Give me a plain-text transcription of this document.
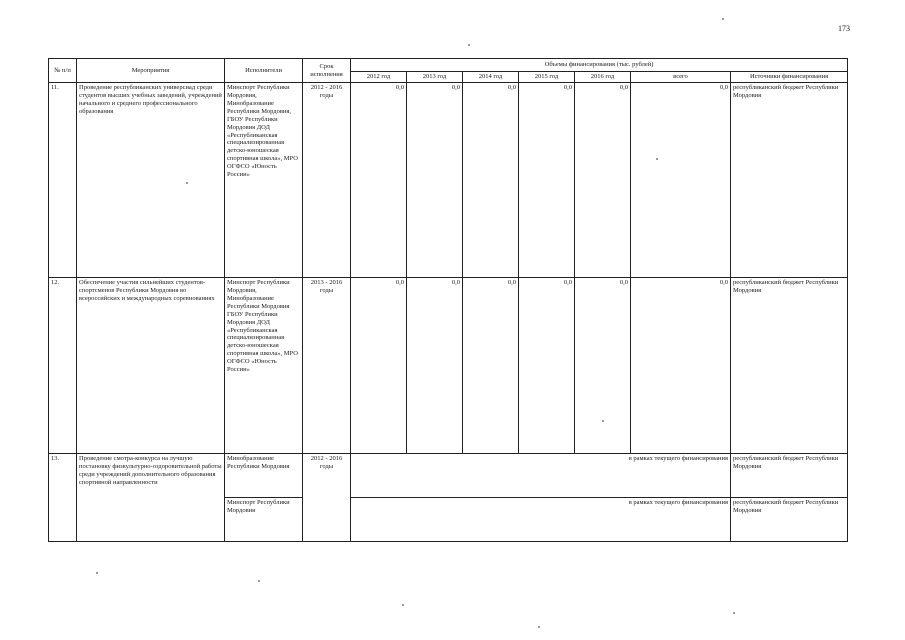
173
№ п/п	Мероприятия	Исполнители	Срок исполнения	Объемы финансирования (тыс. рублей)						
				2012 год	2013 год	2014 год	2015 год	2016 год	всего	Источники финансирования
11.	Проведение республиканских универсиад среди студентов высших учебных заведений, учреждений начального и среднего профессионального образования	Минспорт Республики Мордовия, Минобразование Республики Мордовия, ГБОУ Республики Мордовия ДОД «Республиканская специализированная детско-юношеская спортивная школа», МРО ОГФСО «Юность России»	2012 - 2016 годы	0,0	0,0	0,0	0,0	0,0	0,0	республиканский бюджет Республики Мордовия
12.	Обеспечение участия сильнейших студентов-спортсменов Республики Мордовия во всероссийских и международных соревнованиях	Минспорт Республики Мордовия, Минобразование Республики Мордовия ГБОУ Республики Мордовия ДОД «Республиканская специализированная детско-юношеская спортивная школа», МРО ОГФСО «Юность России»	2013 - 2016 годы	0,0	0,0	0,0	0,0	0,0	0,0	республиканский бюджет Республики Мордовия
13.	Проведение смотра-конкурса на лучшую постановку физкультурно-оздоровительной работы среди учреждений дополнительного образования спортивной направленности	Минобразование Республики Мордовия	2012 - 2016 годы	в рамках текущего финансирования						республиканский бюджет Республики Мордовия
		Минспорт Республики Мордовия		в рамках текущего финансирования						республиканский бюджет Республики Мордовия
